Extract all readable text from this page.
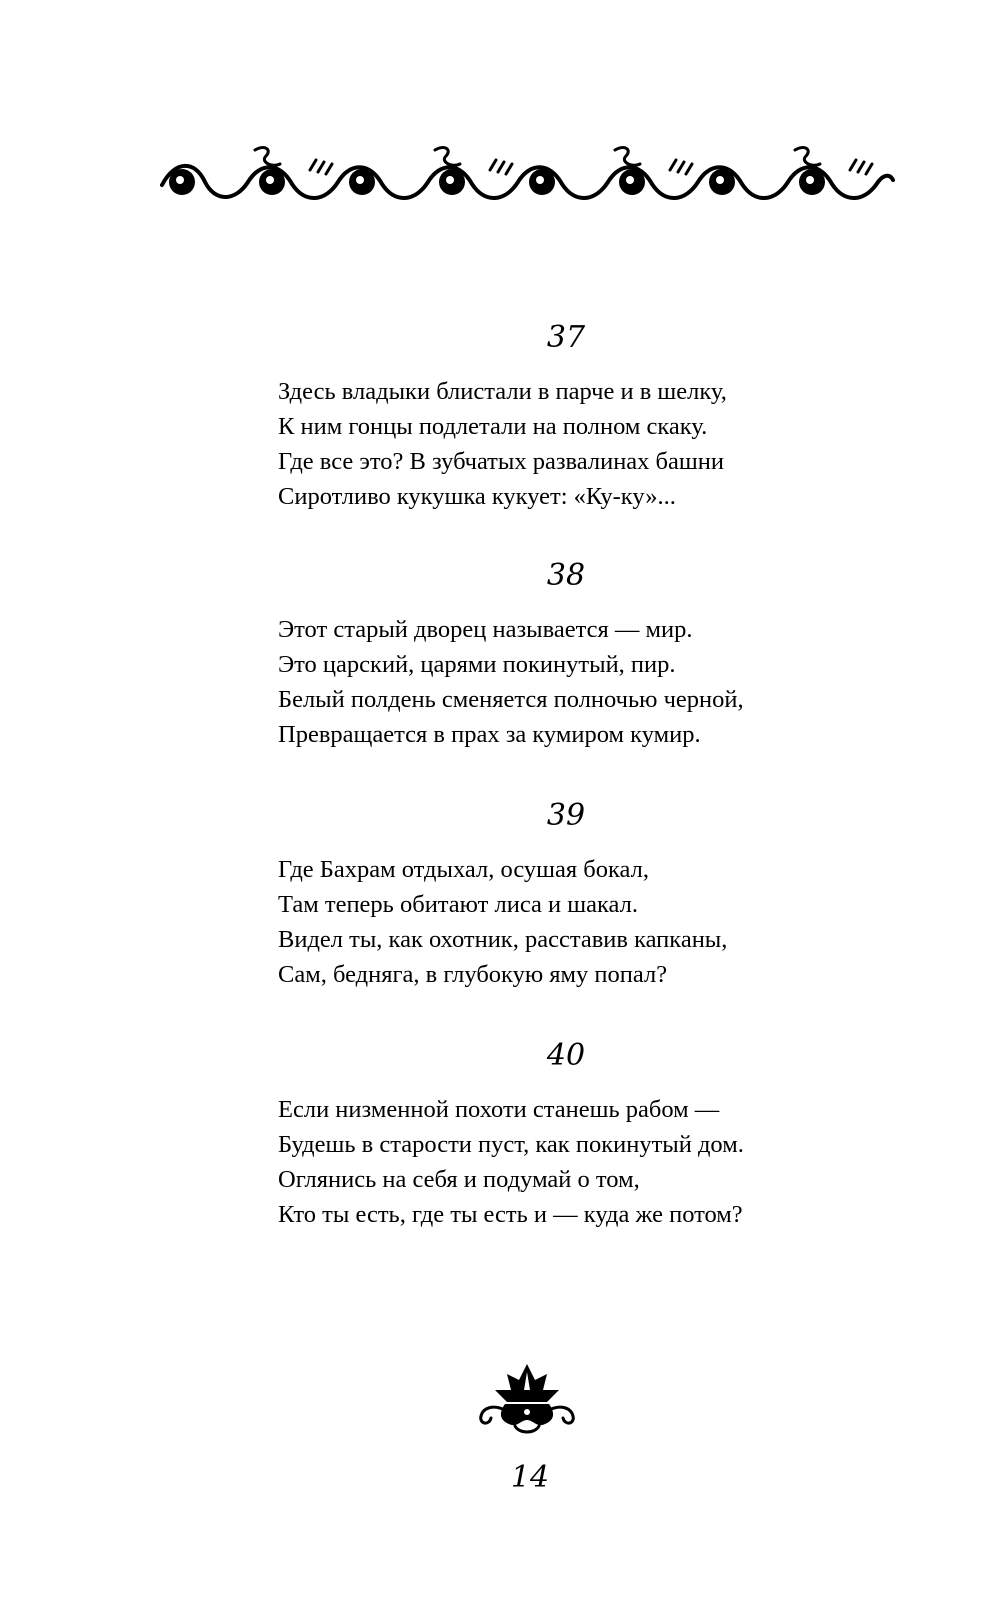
37
Здесь владыки блистали в парче и в шелку,
К ним гонцы подлетали на полном скаку.
Где все это? В зубчатых развалинах башни
Сиротливо кукушка кукует: «Ку-ку»...
38
Этот старый дворец называется — мир.
Это царский, царями покинутый, пир.
Белый полдень сменяется полночью черной,
Превращается в прах за кумиром кумир.
39
Где Бахрам отдыхал, осушая бокал,
Там теперь обитают лиса и шакал.
Видел ты, как охотник, расставив капканы,
Сам, бедняга, в глубокую яму попал?
40
Если низменной похоти станешь рабом —
Будешь в старости пуст, как покинутый дом.
Оглянись на себя и подумай о том,
Кто ты есть, где ты есть и — куда же потом?
14
